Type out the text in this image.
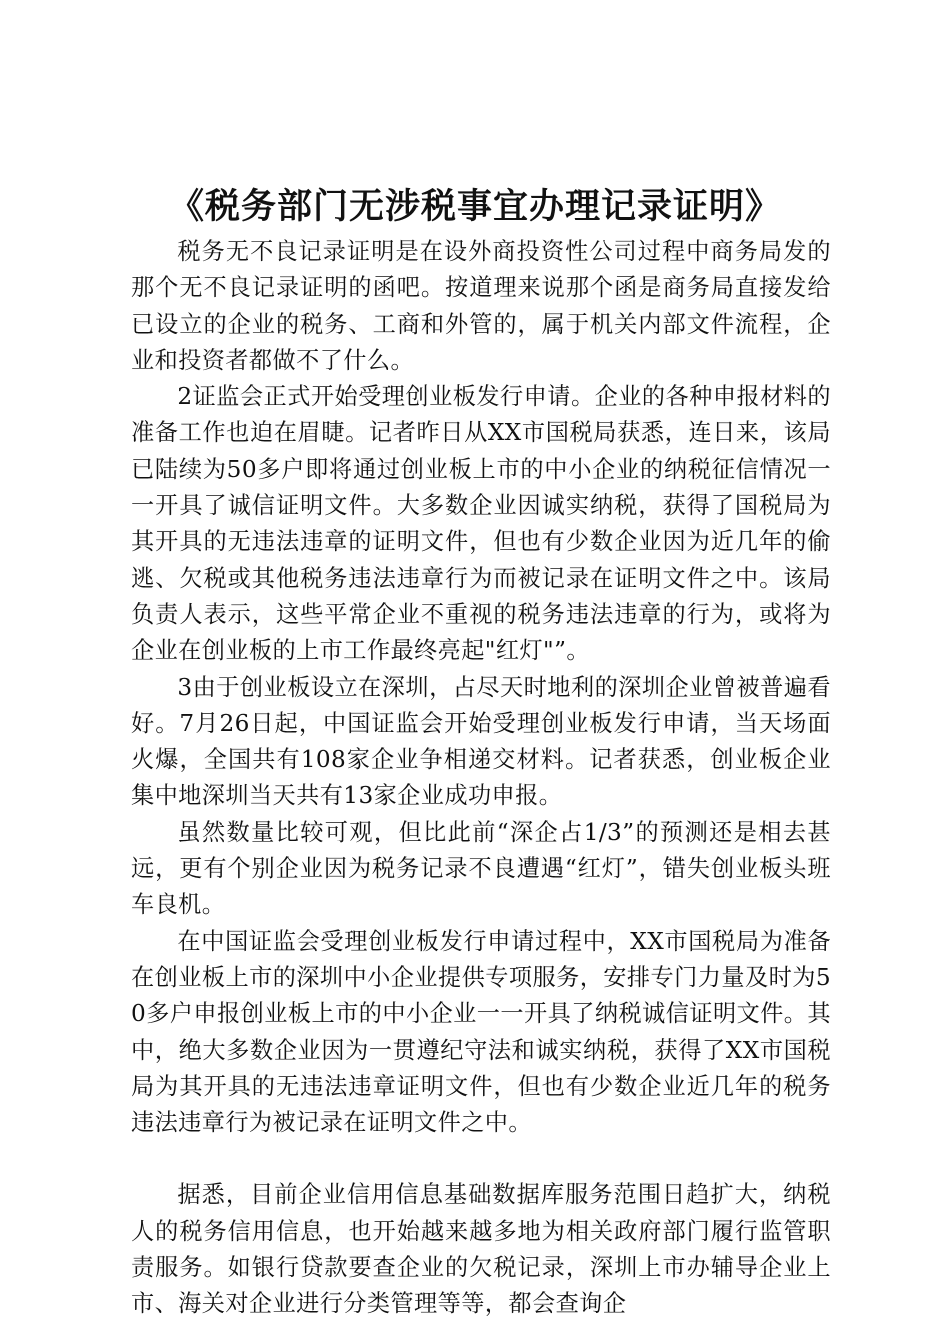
《税务部门无涉税事宜办理记录证明》

税务无不良记录证明是在设外商投资性公司过程中商务局发的那个无不良记录证明的函吧。按道理来说那个函是商务局直接发给已设立的企业的税务、工商和外管的，属于机关内部文件流程，企业和投资者都做不了什么。

2证监会正式开始受理创业板发行申请。企业的各种申报材料的准备工作也迫在眉睫。记者昨日从XX市国税局获悉，连日来，该局已陆续为50多户即将通过创业板上市的中小企业的纳税征信情况一一开具了诚信证明文件。大多数企业因诚实纳税，获得了国税局为其开具的无违法违章的证明文件，但也有少数企业因为近几年的偷逃、欠税或其他税务违法违章行为而被记录在证明文件之中。该局负责人表示，这些平常企业不重视的税务违法违章的行为，或将为企业在创业板的上市工作最终亮起"红灯"”。

3由于创业板设立在深圳，占尽天时地利的深圳企业曾被普遍看好。7月26日起，中国证监会开始受理创业板发行申请，当天场面火爆，全国共有108家企业争相递交材料。记者获悉，创业板企业集中地深圳当天共有13家企业成功申报。

虽然数量比较可观，但比此前“深企占1/3”的预测还是相去甚远，更有个别企业因为税务记录不良遭遇“红灯”，错失创业板头班车良机。

在中国证监会受理创业板发行申请过程中，XX市国税局为准备在创业板上市的深圳中小企业提供专项服务，安排专门力量及时为50多户申报创业板上市的中小企业一一开具了纳税诚信证明文件。其中，绝大多数企业因为一贯遵纪守法和诚实纳税，获得了XX市国税局为其开具的无违法违章证明文件，但也有少数企业近几年的税务违法违章行为被记录在证明文件之中。

据悉，目前企业信用信息基础数据库服务范围日趋扩大，纳税人的税务信用信息，也开始越来越多地为相关政府部门履行监管职责服务。如银行贷款要查企业的欠税记录，深圳上市办辅导企业上市、海关对企业进行分类管理等等，都会查询企
